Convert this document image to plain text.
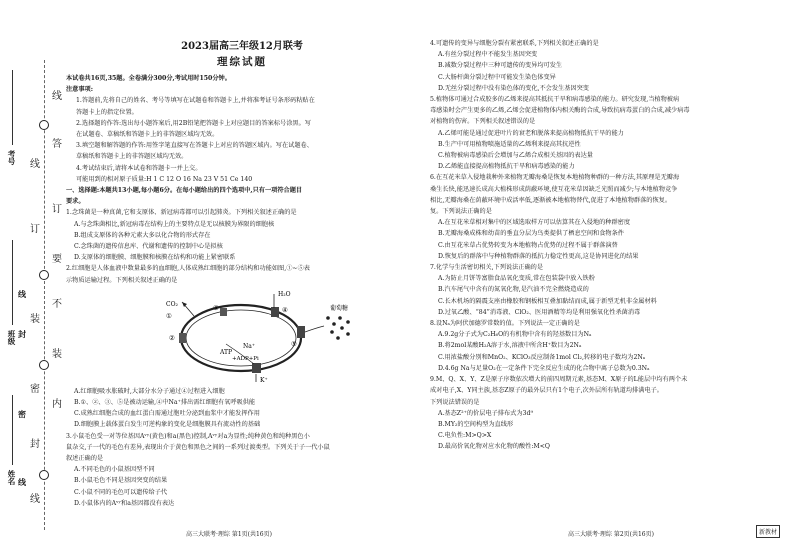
线
答
订
要
不
装
内
线
订
装
密
封
线
线
封
密
线
考号
班级
姓名

2023届高三年级12月联考

理综试题

本试卷共16页,35题。全卷满分300分,考试用时150分钟。

注意事项:

1.答题前,先将自己的姓名、考号等填写在试题卷和答题卡上,并将准考证号条形码粘贴在

答题卡上的指定位置。

2.选择题的作答:选出每小题答案后,用2B铅笔把答题卡上对应题目的答案标号涂黑。写

在试题卷、草稿纸和答题卡上的非答题区域均无效。

3.填空题和解答题的作答:用签字笔直接写在答题卡上对应的答题区域内。写在试题卷、

草稿纸和答题卡上的非答题区域均无效。

4.考试结束后,请将本试卷和答题卡一并上交。

可能用到的相对原子质量:H 1 C 12 O 16 Na 23 V 51 Ce 140

一、选择题:本题共13小题,每小题6分。在每小题给出的四个选项中,只有一项符合题目

要求。

1.念珠菌是一种真菌,它和支原体、新冠病毒都可以引起肺炎。下列相关叙述正确的是

A.与念珠菌相比,新冠病毒在结构上的主要特点是无以核膜为界限的细胞核

B.组成支原体的各种元素大多以化合物的形式存在

C.念珠菌的遗传信息库、代谢和遗传的控制中心是拟核

D.支原体的细胞膜、细胞膜和核膜在结构和功能上紧密联系

2.红细胞是人体血液中数量最多的血细胞,人体成熟红细胞的部分结构和功能如图,①~⑤表

示物质运输过程。下列相关叙述正确的是

CO₂
①
②
③	④
⑤
H₂O
ATP
+ADP+Pi
Na⁺
K⁺
葡萄糖

A.红细胞吸水胀破时,大部分水分子通过④过程进入细胞

B.①、②、③、⑤是被动运输,④中Na⁺排出需红细胞有氧呼吸供能

C.成熟红细胞合成的血红蛋白需通过胞吐分泌到血浆中才能发挥作用

D.细胞膜上载体蛋白发生可逆构象的变化是细胞膜具有流动性的基础

3.小鼠毛色受一对等位基因Aᵛʸ(黄色)和a(黑色)控制,Aᵛʸ对a为显性;纯种黄色和纯种黑色小

鼠杂交,子一代的毛色有差异,表现出介于黄色和黑色之间的一系列过渡类型。下列关于子一代小鼠

叙述正确的是

A.不同毛色的小鼠基因型不同

B.小鼠毛色不同是基因突变的结果

C.小鼠不同的毛色可以遗传给子代

D.小鼠体内的Aᵛʸ和a基因都没有表达

4.可遗传的变异与细胞分裂有紧密联系,下列相关叙述正确的是

A.有丝分裂过程中不能发生基因突变

B.减数分裂过程中三种可遗传的变异均可发生

C.大肠杆菌分裂过程中可能发生染色体变异

D.无丝分裂过程中没有染色体的变化,不会发生基因突变

5.植物体可通过合成胶多的乙烯来提高其抵抗干旱和病毒感染的能力。研究发现,当植物被病

毒感染时会产生更多的乙烯,乙烯会促进植物体内相关酶的合成,导致抗病毒蛋白的合成,减少病毒

对植物的伤害。下列相关叙述错误的是

A.乙烯可能是通过促进叶片的衰老和脱落来提高植物抵抗干旱的能力

B.生产中可用植物喷施适量的乙烯利来提高其抗逆性

C.植物被病毒感染后会增加与乙烯合成相关基因的表达量

D.乙烯能直接提高植物抵抗干旱和病毒感染的能力

6.在互花米草入侵地栽种外来植物无瓣海桑是恢复本地植物种群的一种方法,其原理是无瓣海

桑生长快,能迅速长成高大植株形成荫蔽环境,使互花米草因缺乏光照而减少;与本地植物竞争

相比,无瓣海桑在荫蔽环境中成活率低,逐渐被本地植物替代,促进了本地植物群落的恢复。

复。下列说法正确的是

A.在互花米草相对集中的区域选取样方可以估算其在入侵地的种群密度

B.无瓣海桑成株和幼苗的垂直分层为鸟类提供了栖息空间和食物条件

C.由互花米草占优势转变为本地植物占优势的过程不属于群落演替

D.恢复后的群落中与种植物群落的抵抗力稳定性更高,这是协同进化的结果

7.化学与生活密切相关,下列说法正确的是

A.为防止月饼等富脂食品氧化变质,常在包装袋中放入铁粉

B.汽车尾气中含有的氮氧化物,是汽油不完全燃烧造成的

C.长木机场的隔震支座由橡胶和钢板相互叠加黏结而成,属于新型无机非金属材料

D.过氧乙酸、“84”消毒液、ClO₂、医用酒精等均是利用强氧化性杀菌消毒

8.设Nₐ为阿伏加德罗常数的值。下列说法一定正确的是

A.9.2g分子式为C₂H₆O的有机物中含有的羟基数目为Nₐ

B.将2mol某酸H₂A溶于水,溶液中所含H⁺数目为2Nₐ

C.用浓盐酸分别和MnO₂、KClO₃反应制备1mol Cl₂,转移的电子数均为2Nₐ

D.4.6g Na与足量O₂在一定条件下完全反应生成的化合物中离子总数为0.3Nₐ

9.M、Q、X、Y、Z是原子序数依次增大的前四周期元素,基态M、X原子的L能层中均有两个未

成对电子,X、Y同主族,基态Z原子的最外层只有1个电子,次外层所有轨道均排满电子。

下列说法错误的是

A.基态Z²⁺的价层电子排布式为3d⁹

B.MY₂的空间构型为直线形

C.电负性:M>Q>X

D.最高价氧化物对应水化物的酸性:M<Q

高三大联考·理综 第1页(共16页)	高三大联考·理综 第2页(共16页)	新教材
